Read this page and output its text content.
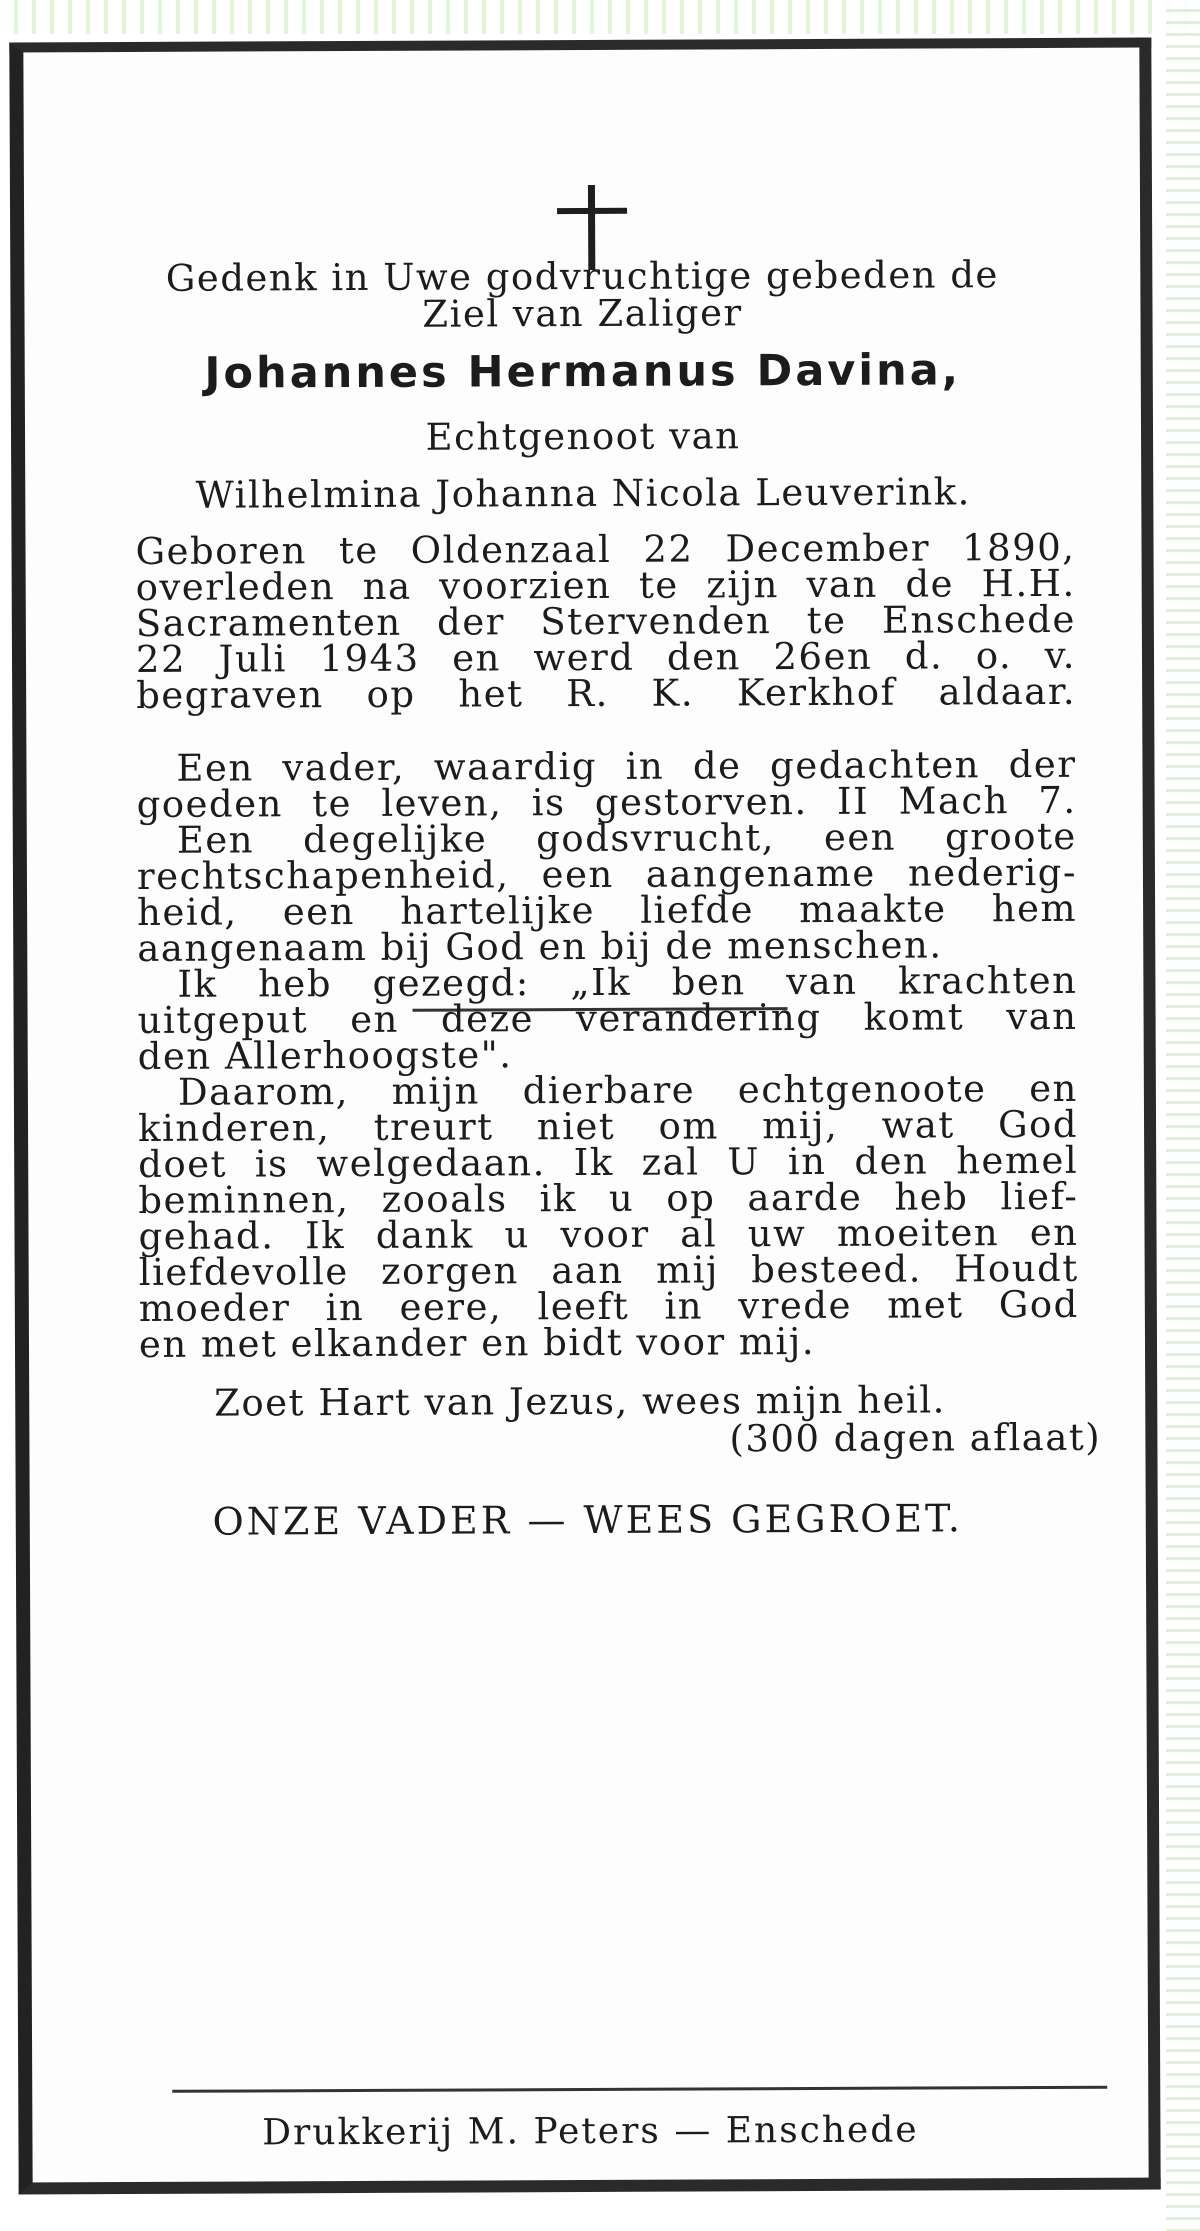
Gedenk in Uwe godvruchtige gebeden de
Ziel van Zaliger
Johannes Hermanus Davina,
Echtgenoot van
Wilhelmina Johanna Nicola Leuverink.
Geboren te Oldenzaal 22 December 1890,
overleden na voorzien te zijn van de H.H.
Sacramenten der Stervenden te Enschede
22 Juli 1943 en werd den 26en d. o. v.
begraven op het R. K. Kerkhof aldaar.
Een vader, waardig in de gedachten der
goeden te leven, is gestorven. II Mach 7.
Een degelijke godsvrucht, een groote
rechtschapenheid, een aangename nederig-
heid, een hartelijke liefde maakte hem
aangenaam bij God en bij de menschen.
Ik heb gezegd: „Ik ben van krachten
uitgeput en deze verandering komt van
den Allerhoogste".
Daarom, mijn dierbare echtgenoote en
kinderen, treurt niet om mij, wat God
doet is welgedaan. Ik zal U in den hemel
beminnen, zooals ik u op aarde heb lief-
gehad. Ik dank u voor al uw moeiten en
liefdevolle zorgen aan mij besteed. Houdt
moeder in eere, leeft in vrede met God
en met elkander en bidt voor mij.
Zoet Hart van Jezus, wees mijn heil.
(300 dagen aflaat)
ONZE VADER — WEES GEGROET.
Drukkerij M. Peters — Enschede
